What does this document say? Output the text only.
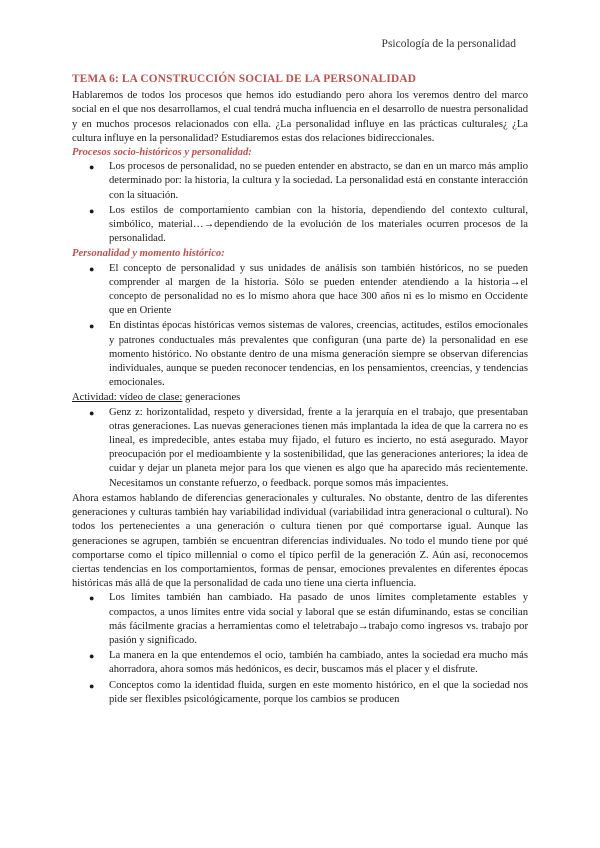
Psicología de la personalidad
TEMA 6: LA CONSTRUCCIÓN SOCIAL DE LA PERSONALIDAD

Hablaremos de todos los procesos que hemos ido estudiando pero ahora los veremos dentro del marco social en el que nos desarrollamos, el cual tendrá mucha influencia en el desarrollo de nuestra personalidad y en muchos procesos relacionados con ella. ¿La personalidad influye en las prácticas culturales¿ ¿La cultura influye en la personalidad? Estudiaremos estas dos relaciones bidireccionales.

Procesos socio-históricos y personalidad:
● Los procesos de personalidad, no se pueden entender en abstracto, se dan en un marco más amplio determinado por: la historia, la cultura y la sociedad. La personalidad está en constante interacción con la situación.
● Los estilos de comportamiento cambian con la historia, dependiendo del contexto cultural, simbólico, material…→dependiendo de la evolución de los materiales ocurren procesos de la personalidad.
Personalidad y momento histórico:
● El concepto de personalidad y sus unidades de análisis son también históricos, no se pueden comprender al margen de la historia. Sólo se pueden entender atendiendo a la historia→el concepto de personalidad no es lo mismo ahora que hace 300 años ni es lo mismo en Occidente que en Oriente
● En distintas épocas históricas vemos sistemas de valores, creencias, actitudes, estilos emocionales y patrones conductuales más prevalentes que configuran (una parte de) la personalidad en ese momento histórico. No obstante dentro de una misma generación siempre se observan diferencias individuales, aunque se pueden reconocer tendencias, en los pensamientos, creencias, y tendencias emocionales.
Actividad: vídeo de clase: generaciones
● Genz z: horizontalidad, respeto y diversidad, frente a la jerarquía en el trabajo, que presentaban otras generaciones. Las nuevas generaciones tienen más implantada la idea de que la carrera no es lineal, es impredecible, antes estaba muy fijado, el futuro es incierto, no está asegurado. Mayor preocupación por el medioambiente y la sostenibilidad, que las generaciones anteriores; la idea de cuidar y dejar un planeta mejor para los que vienen es algo que ha aparecido más recientemente. Necesitamos un constante refuerzo, o feedback. porque somos más impacientes.

Ahora estamos hablando de diferencias generacionales y culturales. No obstante, dentro de las diferentes generaciones y culturas también hay variabilidad individual (variabilidad intra generacional o cultural). No todos los pertenecientes a una generación o cultura tienen por qué comportarse igual. Aunque las generaciones se agrupen, también se encuentran diferencias individuales. No todo el mundo tiene por qué comportarse como el típico millennial o como el típico perfil de la generación Z. Aún así, reconocemos ciertas tendencias en los comportamientos, formas de pensar, emociones prevalentes en diferentes épocas históricas más allá de que la personalidad de cada uno tiene una cierta influencia.

● Los límites también han cambiado. Ha pasado de unos límites completamente estables y compactos, a unos límites entre vida social y laboral que se están difuminando, estas se concilian más fácilmente gracias a herramientas como el teletrabajo→trabajo como ingresos vs. trabajo por pasión y significado.
● La manera en la que entendemos el ocio, también ha cambiado, antes la sociedad era mucho más ahorradora, ahora somos más hedónicos, es decir, buscamos más el placer y el disfrute.
● Conceptos como la identidad fluida, surgen en este momento histórico, en el que la sociedad nos pide ser flexibles psicológicamente, porque los cambios se producen
